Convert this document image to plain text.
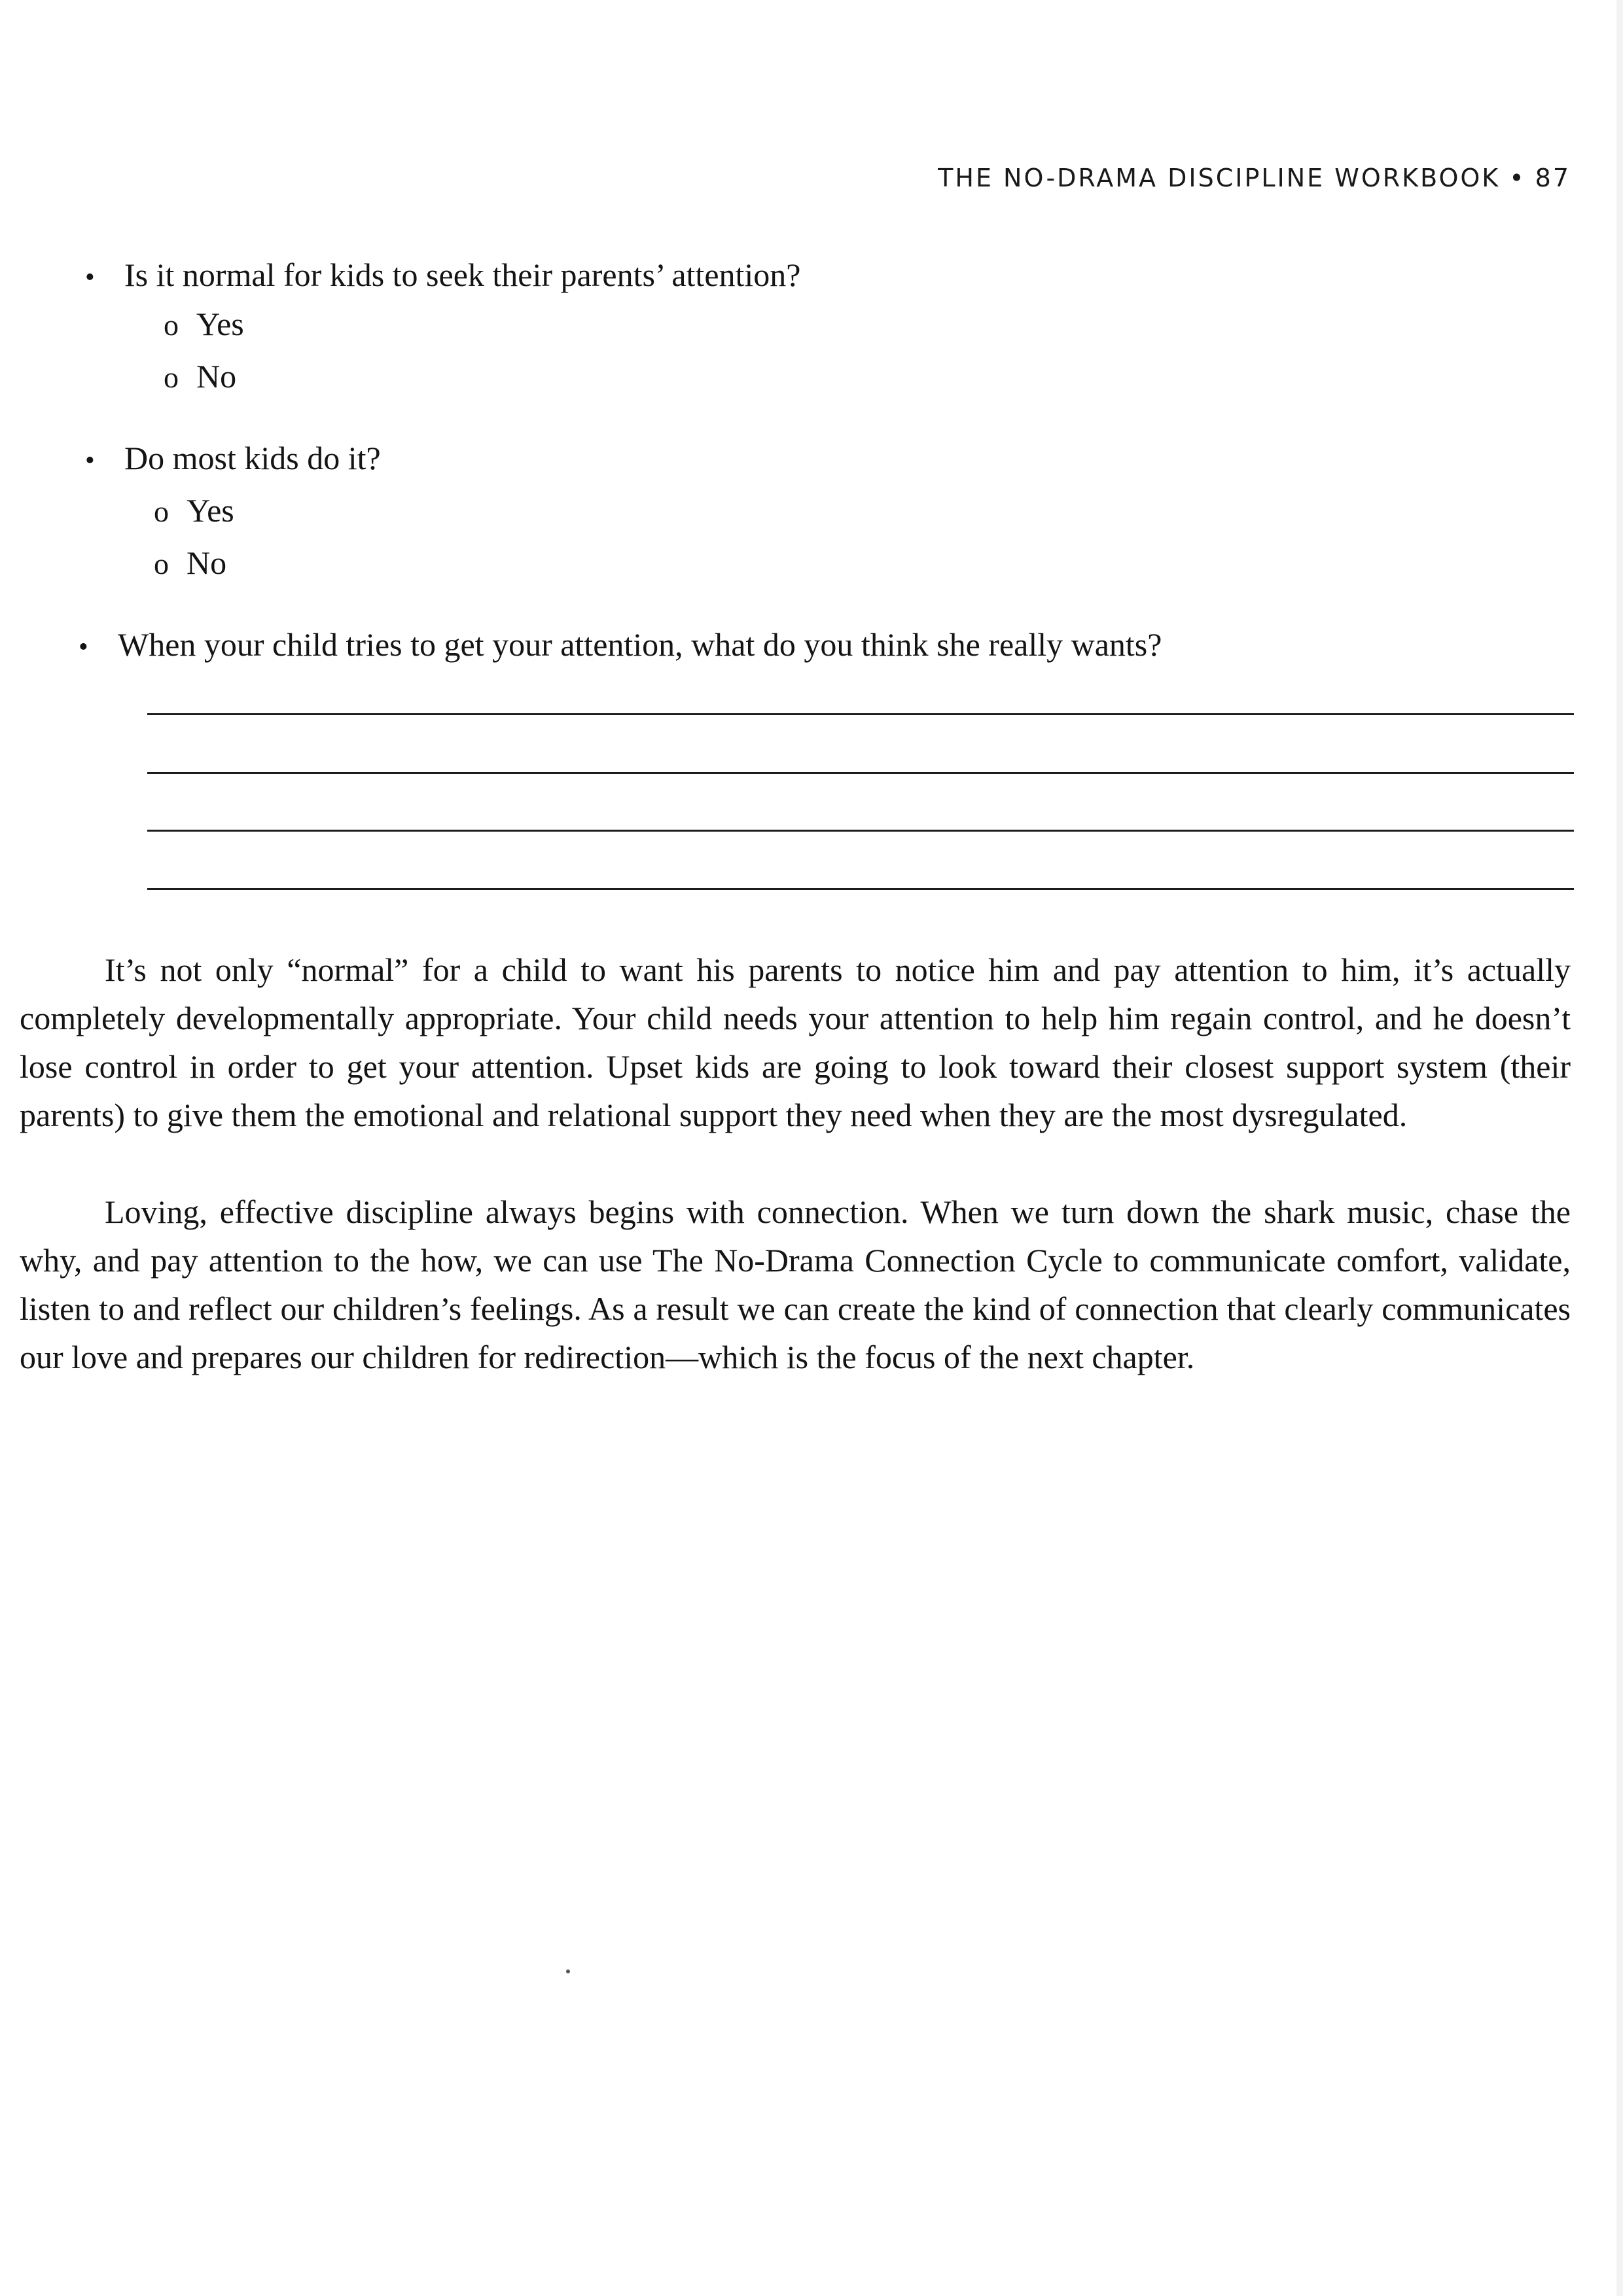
THE NO-DRAMA DISCIPLINE WORKBOOK • 87
• Is it normal for kids to seek their parents’ attention?
o Yes
o No
• Do most kids do it?
o Yes
o No
• When your child tries to get your attention, what do you think she really wants?

It’s not only “normal” for a child to want his parents to notice him and pay attention to him, it’s actually completely developmentally appropriate. Your child needs your attention to help him regain control, and he doesn’t lose control in order to get your attention. Upset kids are going to look toward their closest support system (their parents) to give them the emotional and relational support they need when they are the most dysregulated.

Loving, effective discipline always begins with connection. When we turn down the shark music, chase the why, and pay attention to the how, we can use The No-Drama Connection Cycle to communicate comfort, validate, listen to and reflect our children’s feelings. As a result we can create the kind of connection that clearly communicates our love and prepares our children for redirection—which is the focus of the next chapter.
